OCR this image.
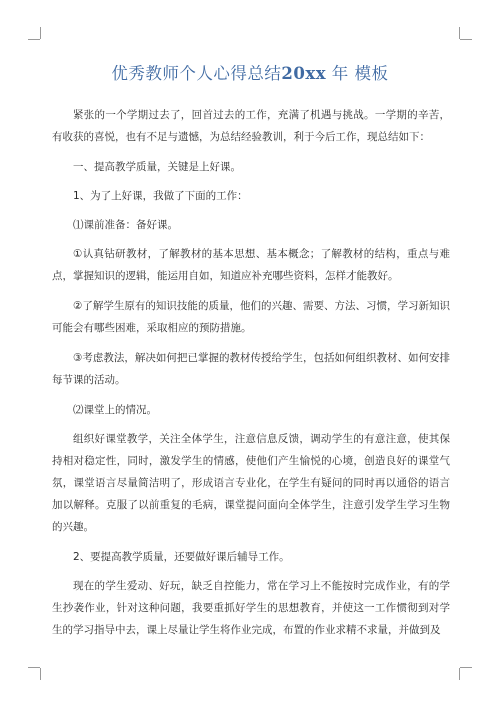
优秀教师个人心得总结20xx 年 模板

紧张的一个学期过去了，回首过去的工作，充满了机遇与挑战。一学期的辛苦，有收获的喜悦，也有不足与遗憾，为总结经验教训，利于今后工作，现总结如下：

一、提高教学质量，关键是上好课。

1、为了上好课，我做了下面的工作：

⑴课前准备：备好课。

①认真钻研教材，了解教材的基本思想、基本概念；了解教材的结构，重点与难点，掌握知识的逻辑，能运用自如，知道应补充哪些资料，怎样才能教好。

②了解学生原有的知识技能的质量，他们的兴趣、需要、方法、习惯，学习新知识可能会有哪些困难，采取相应的预防措施。

③考虑教法，解决如何把已掌握的教材传授给学生，包括如何组织教材、如何安排每节课的活动。

⑵课堂上的情况。

组织好课堂教学，关注全体学生，注意信息反馈，调动学生的有意注意，使其保持相对稳定性，同时，激发学生的情感，使他们产生愉悦的心境，创造良好的课堂气氛，课堂语言尽量简洁明了，形成语言专业化，在学生有疑问的同时再以通俗的语言加以解释。克服了以前重复的毛病，课堂提问面向全体学生，注意引发学生学习生物的兴趣。

2、要提高教学质量，还要做好课后辅导工作。

现在的学生爱动、好玩，缺乏自控能力，常在学习上不能按时完成作业，有的学生抄袭作业，针对这种问题，我要重抓好学生的思想教育，并使这一工作惯彻到对学生的学习指导中去，课上尽量让学生将作业完成，布置的作业求精不求量，并做到及
